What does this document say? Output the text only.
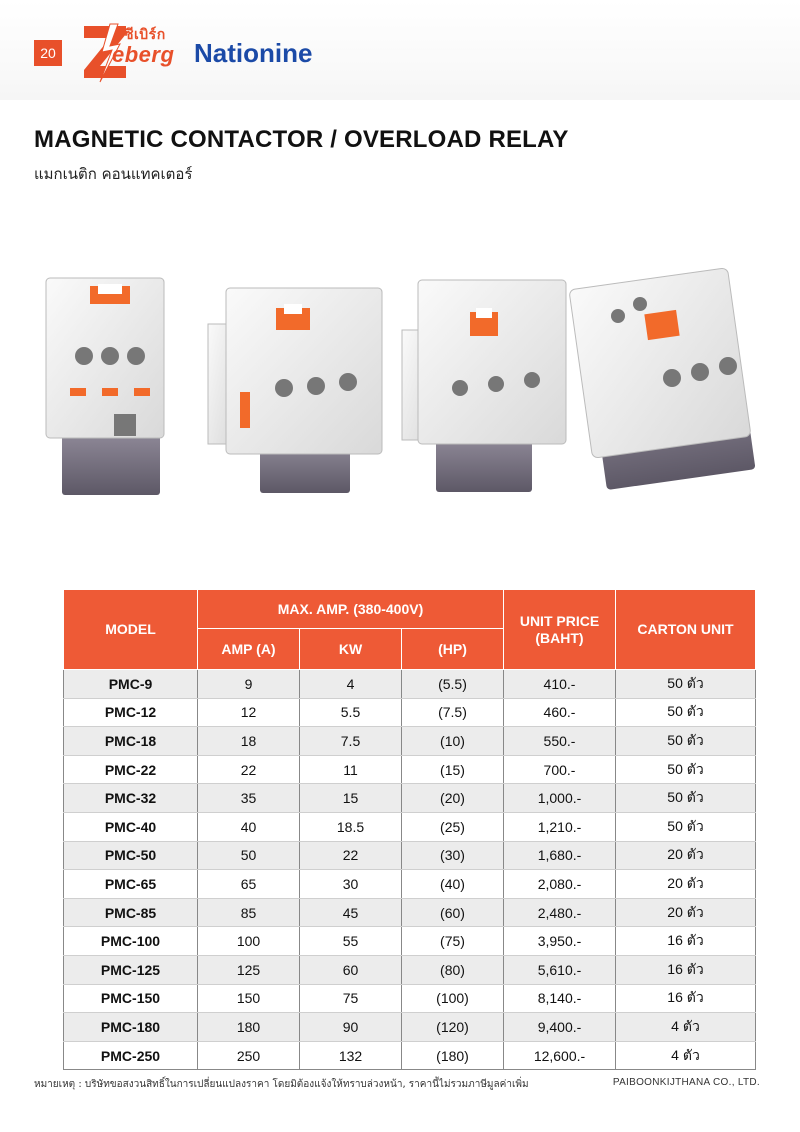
20
ซีเบิร์ก
eberg Nationine
MAGNETIC CONTACTOR / OVERLOAD RELAY
แมกเนติก คอนแทคเตอร์
MODEL	MAX. AMP. (380-400V)			UNIT PRICE
(BAHT)	CARTON UNIT
	AMP (A)	KW	(HP)		
PMC-9	9	4	(5.5)	410.-	50 ตัว
PMC-12	12	5.5	(7.5)	460.-	50 ตัว
PMC-18	18	7.5	(10)	550.-	50 ตัว
PMC-22	22	11	(15)	700.-	50 ตัว
PMC-32	35	15	(20)	1,000.-	50 ตัว
PMC-40	40	18.5	(25)	1,210.-	50 ตัว
PMC-50	50	22	(30)	1,680.-	20 ตัว
PMC-65	65	30	(40)	2,080.-	20 ตัว
PMC-85	85	45	(60)	2,480.-	20 ตัว
PMC-100	100	55	(75)	3,950.-	16 ตัว
PMC-125	125	60	(80)	5,610.-	16 ตัว
PMC-150	150	75	(100)	8,140.-	16 ตัว
PMC-180	180	90	(120)	9,400.-	4 ตัว
PMC-250	250	132	(180)	12,600.-	4 ตัว
หมายเหตุ : บริษัทขอสงวนสิทธิ์ในการเปลี่ยนแปลงราคา โดยมิต้องแจ้งให้ทราบล่วงหน้า, ราคานี้ไม่รวมภาษีมูลค่าเพิ่ม	PAIBOONKIJTHANA CO., LTD.
